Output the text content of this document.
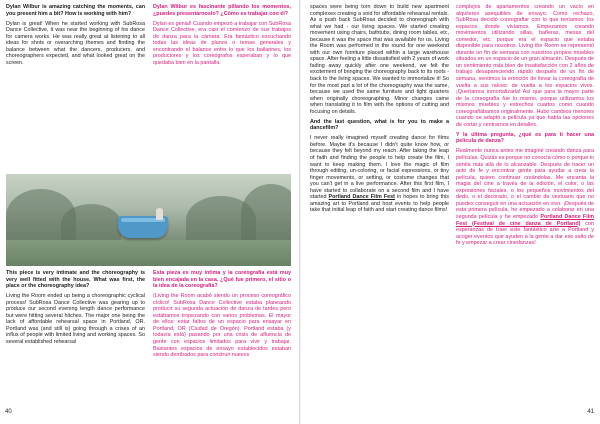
Dylan Wilbur is amazing catching the moments, can you present him a bit? How is working with him?

Dylan is great! When he started working with SubRosa Dance Collective, it was near the beginning of his dance for camera works. He was really great at listening to all ideas for shots or overarching themes and finding the balance between what the dancers, producers, and choreographers expected, and what looked great on the screen.

Dylan Wilbur es fascinante pillando los momentos, ¿puedes presentárnoslo? ¿Cómo es trabajar con él?

Dylan es genial! Cuando empezó a trabajar con SubRosa Dance Collective, era casi el comienzo de sus trabajos de danza para la cámara. Era fantástico escuchando todas las ideas de planos o temas generales y encontrando el balance entre lo que los bailarines, los productores y los coreógrafos esperaban y lo que quedaba bien en la pantalla.

This piece is very intimate and the choreography is very well fitted with the house. What was first, the place or the choreography idea?

Living the Room ended up being a choreographic cyclical process! SubRosa Dance Collective was gearing up to produce our second evening length dance performance but were hitting several hitches. The major one being the lack of affordable rehearsal space in Portland, OR. Portland was (and still is) going through a crises of an influx of people with limited living and working spaces. So several established rehearsal

Esta pieza es muy íntima y la coreografía está muy bien encajada en la casa. ¿Qué fue primero, el sitio o la idea de la coreografía?

(Living the Room acabó siendo un proceso coreográfico cíclico! SubRosa Dance Collective estaba planeando producir su segunda actuación de danza de tardes pero estábamos tropezando con varios problemas. El mayor de ellos: estar faltos de un espacio para ensayar en Portland, OR (Ciudad de Oregón). Portland estaba (y todavía está) pasando por una crisis de afluencia de gente con espacios limitados para vivir y trabajar. Bastantes espacios de ensayo establecidos estaban siendo derribados para construir nuevos

spaces were being torn down to build new apartment complexes creating a void for affordable rehearsal rentals. As a push back SubRosa decided to choreograph with what we had - our living spaces. We started creating movement using chairs, bathtubs, dining room tables, etc, because it was the space that was available for us. Living the Room was performed in the round for one weekend with our own furniture placed within a large warehouse space. After feeling a little dissatisfied with 2 years of work fading away quickly after one weekend, we felt the excitement of bringing the choreography back to its roots - back to the living spaces. We wanted to immortalize it! So for the most part a lot of the choreography was the same, because we used the same furniture and tight quarters when originally choreographing. Minor changes came when translating it to film with the options of cutting and focusing on details.

And the last question, what is for you to make a dancefilm?

I never really imagined myself creating dance for films before. Maybe it's because I didn't quite know how, or because they felt beyond my reach. After taking the leap of faith and finding the people to help create the film, I want to keep making them. I love the magic of film through editing, un-coloring, or facial expressions, or tiny finger movements, or setting, or costume changes that you can't get in a live performance. After this first film, I have started to collaborate on a second film and I have started Portland Dance Film Fest in hopes to bring this amazing art to Portland and host events to help people take that initial leap of faith and start creating dance films!

complejos de apartamentos creando un vacío en alquileres asequibles de ensayo. Como rechazo, SubRosa decidió coreografiar con lo que teníamos: los espacios donde vivíamos. Empezamos creando movimientos utilizando sillas, bañeras, mesas del comedor, etc, porque era el espacio que estaba disponible para nosotros. Living the Room se representó durante un fin de semana con nuestros propios muebles situados en un espacio de un gran almacén. Después de un sentimiento más bien de insatisfacción con 2 años de trabajo desapareciendo rápido después de un fin de semana, sentimos la emoción de llevar la coreografía de vuelta a sus raíces: de vuelta a los espacios vivos. ¡Queríamos inmortalizarla! Así que para la mayor parte de la coreografía fue lo mismo, porque utilizamos los mismos muebles y estrechos cuartos como cuando coreografiábamos originalmente. Hubo cambios menores cuando se adaptó a película ya que había las opciones de cortar y centrarnos en detalles.

Y la última pregunta, ¿qué es para ti hacer una película de danza?

Realmente nunca antes me imaginé creando danza para películas. Quizás es porque no conocía cómo o porque lo sentía más allá de lo alcanzable. Después de hacer un acto de fe y encontrar gente para ayudar a crear la película, quiero continuar creándolas. Me encanta la magia del cine a través de la edición, el color, o las expresiones faciales, o los pequeños movimientos del dedo, o el decorado, o el cambio de vestuario que no puedes conseguir en una actuación en vivo. ¡Después de esta primera película, he empezado a colaborar en una segunda película y he empezado Portland Dance Film Fest (Festival de cine danza de Portland) con esperanzas de traer este fantástico arte a Portland y acoger eventos que ayuden a la gente a dar ese salto de fe y empezar a crear cinedanzas!

40	41
